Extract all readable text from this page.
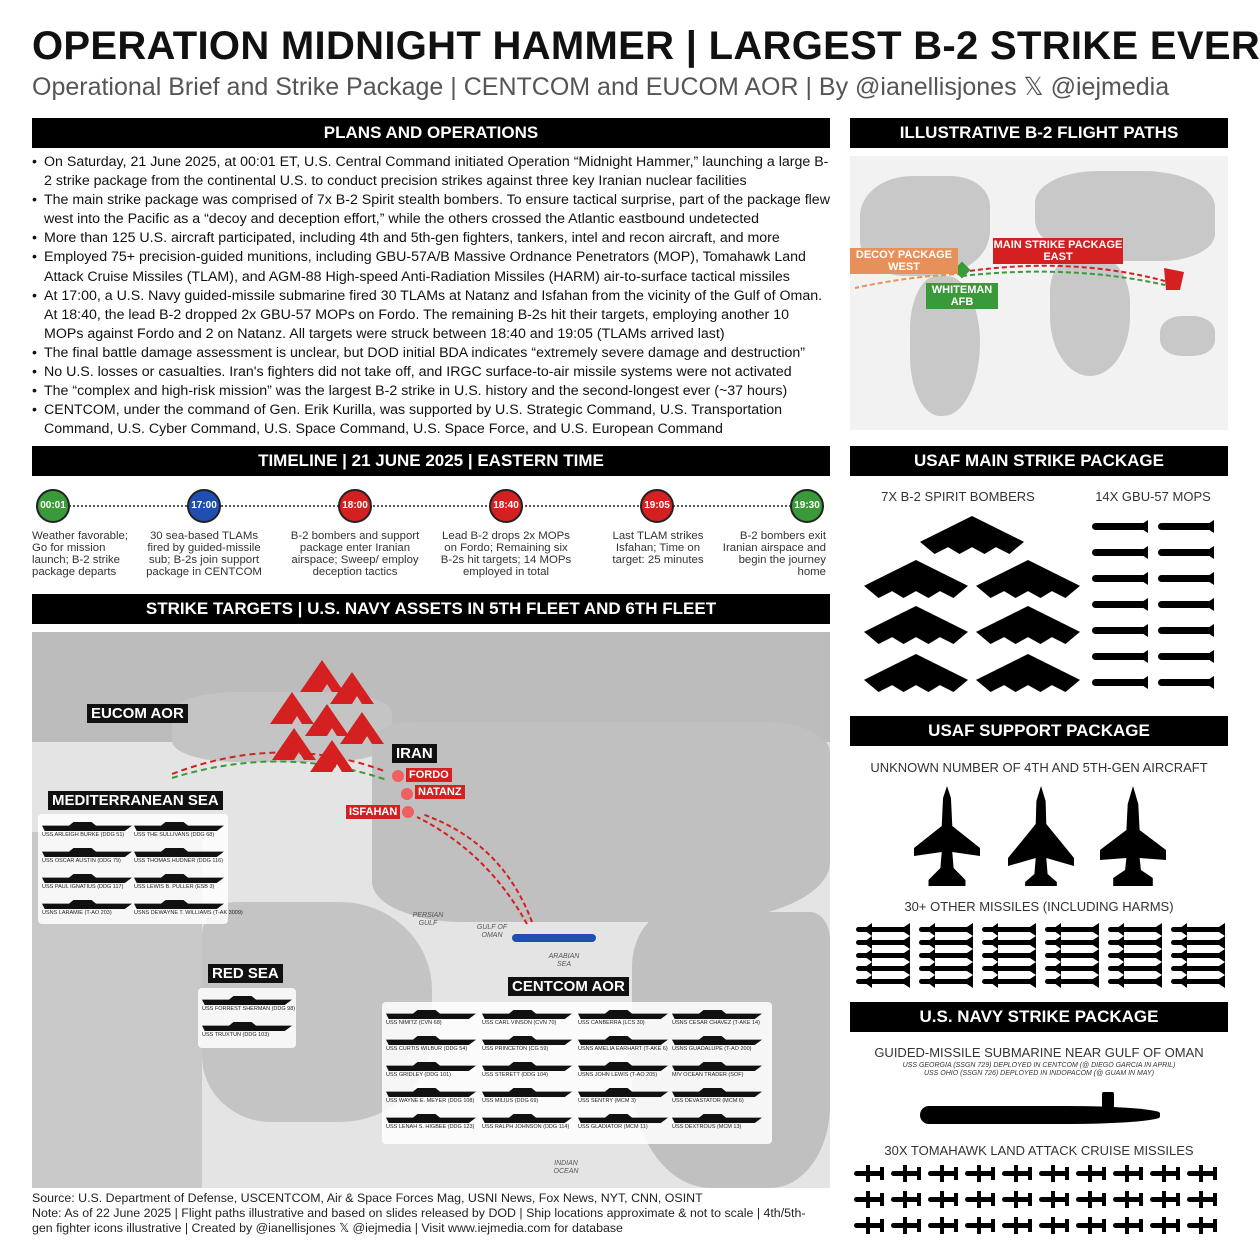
OPERATION MIDNIGHT HAMMER | LARGEST B-2 STRIKE EVER
Operational Brief and Strike Package | CENTCOM and EUCOM AOR | By @ianellisjones 𝕏 @iejmedia
PLANS AND OPERATIONS
• On Saturday, 21 June 2025, at 00:01 ET, U.S. Central Command initiated Operation “Midnight Hammer,” launching a large B-2 strike package from the continental U.S. to conduct precision strikes against three key Iranian nuclear facilities
• The main strike package was comprised of 7x B-2 Spirit stealth bombers. To ensure tactical surprise, part of the package flew west into the Pacific as a “decoy and deception effort,” while the others crossed the Atlantic eastbound undetected
• More than 125 U.S. aircraft participated, including 4th and 5th-gen fighters, tankers, intel and recon aircraft, and more
• Employed 75+ precision-guided munitions, including GBU-57A/B Massive Ordnance Penetrators (MOP), Tomahawk Land Attack Cruise Missiles (TLAM), and AGM-88 High-speed Anti-Radiation Missiles (HARM) air-to-surface tactical missiles
• At 17:00, a U.S. Navy guided-missile submarine fired 30 TLAMs at Natanz and Isfahan from the vicinity of the Gulf of Oman. At 18:40, the lead B-2 dropped 2x GBU-57 MOPs on Fordo. The remaining B-2s hit their targets, employing another 10 MOPs against Fordo and 2 on Natanz. All targets were struck between 18:40 and 19:05 (TLAMs arrived last)
• The final battle damage assessment is unclear, but DOD initial BDA indicates “extremely severe damage and destruction”
• No U.S. losses or casualties. Iran's fighters did not take off, and IRGC surface-to-air missile systems were not activated
• The “complex and high-risk mission” was the largest B-2 strike in U.S. history and the second-longest ever (~37 hours)
• CENTCOM, under the command of Gen. Erik Kurilla, was supported by U.S. Strategic Command, U.S. Transportation Command, U.S. Cyber Command, U.S. Space Command, U.S. Space Force, and U.S. European Command
ILLUSTRATIVE B-2 FLIGHT PATHS
DECOY PACKAGE WEST
MAIN STRIKE PACKAGE EAST
WHITEMAN AFB
TIMELINE | 21 JUNE 2025 | EASTERN TIME
00:01	17:00	18:00	18:40	19:05	19:30
Weather favorable; Go for mission launch; B-2 strike package departs
30 sea-based TLAMs fired by guided-missile sub; B-2s join support package in CENTCOM
B-2 bombers and support package enter Iranian airspace; Sweep/ employ deception tactics
Lead B-2 drops 2x MOPs on Fordo; Remaining six B-2s hit targets; 14 MOPs employed in total
Last TLAM strikes Isfahan; Time on target: 25 minutes
B-2 bombers exit Iranian airspace and begin the journey home
STRIKE TARGETS | U.S. NAVY ASSETS IN 5TH FLEET AND 6TH FLEET
EUCOM AOR
MEDITERRANEAN SEA
RED SEA
CENTCOM AOR
IRAN
FORDO
NATANZ
ISFAHAN
PERSIAN GULF
GULF OF OMAN
ARABIAN SEA
INDIAN OCEAN
USS ARLEIGH BURKE (DDG 51)	USS THE SULLIVANS (DDG 68)
USS OSCAR AUSTIN (DDG 79)	USS THOMAS HUDNER (DDG 116)
USS PAUL IGNATIUS (DDG 117)	USS LEWIS B. PULLER (ESB 3)
USNS LARAMIE (T-AO 203)	USNS DEWAYNE T. WILLIAMS (T-AK 3009)
USS FORREST SHERMAN (DDG 98)
USS TRUXTUN (DDG 103)
USS NIMITZ (CVN 68)	USS CARL VINSON (CVN 70)	USS CANBERRA (LCS 30)	USNS CESAR CHAVEZ (T-AKE 14)
USS CURTIS WILBUR (DDG 54)	USS PRINCETON (CG 59)	USNS AMELIA EARHART (T-AKE 6) USNS GUADALUPE (T-AO 200)
USS GRIDLEY (DDG 101)	USS STERETT (DDG 104)	USNS JOHN LEWIS (T-AO 205)	M/V OCEAN TRADER (SOF)
USS WAYNE E. MEYER (DDG 108)	USS MILIUS (DDG 69)	USS SENTRY (MCM 3)	USS DEVASTATOR (MCM 6)
USS LENAH S. HIGBEE (DDG 123)	USS RALPH JOHNSON (DDG 114)	USS GLADIATOR (MCM 11)	USS DEXTROUS (MCM 13)
USAF MAIN STRIKE PACKAGE
7X B-2 SPIRIT BOMBERS	14X GBU-57 MOPS
USAF SUPPORT PACKAGE
UNKNOWN NUMBER OF 4TH AND 5TH-GEN AIRCRAFT
30+ OTHER MISSILES (INCLUDING HARMS)
U.S. NAVY STRIKE PACKAGE
GUIDED-MISSILE SUBMARINE NEAR GULF OF OMAN
USS GEORGIA (SSGN 729) DEPLOYED IN CENTCOM (@ DIEGO GARCIA IN APRIL)
USS OHIO (SSGN 726) DEPLOYED IN INDOPACOM (@ GUAM IN MAY)
30X TOMAHAWK LAND ATTACK CRUISE MISSILES
Source: U.S. Department of Defense, USCENTCOM, Air & Space Forces Mag, USNI News, Fox News, NYT, CNN, OSINT
Note: As of 22 June 2025 | Flight paths illustrative and based on slides released by DOD | Ship locations approximate & not to scale | 4th/5th-gen fighter icons illustrative | Created by @ianellisjones 𝕏 @iejmedia | Visit www.iejmedia.com for database
